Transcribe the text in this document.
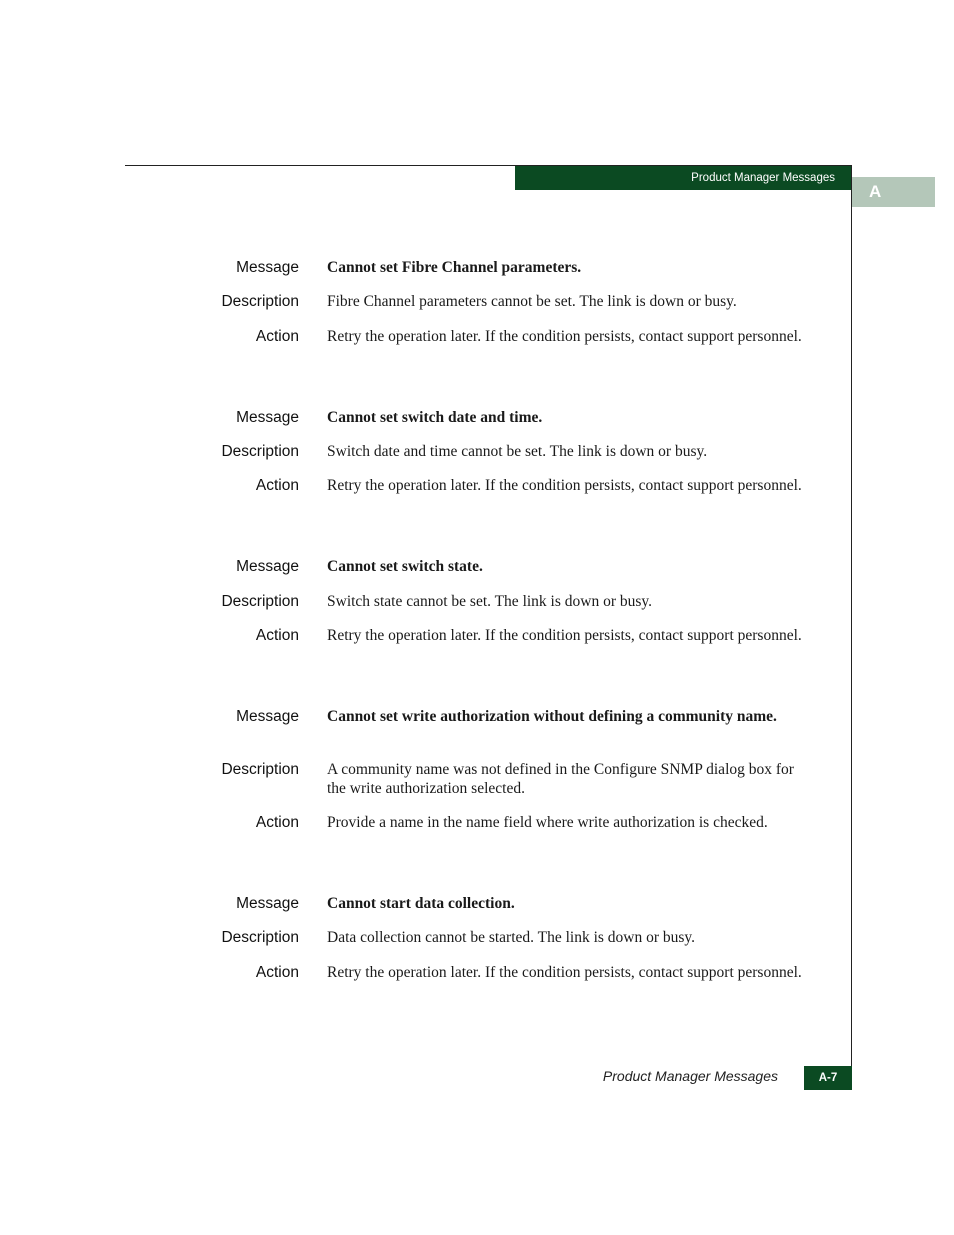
Product Manager Messages
A
Message Cannot set Fibre Channel parameters.
Description Fibre Channel parameters cannot be set. The link is down or busy.
Action Retry the operation later. If the condition persists, contact support personnel.
Message Cannot set switch date and time.
Description Switch date and time cannot be set. The link is down or busy.
Action Retry the operation later. If the condition persists, contact support personnel.
Message Cannot set switch state.
Description Switch state cannot be set. The link is down or busy.
Action Retry the operation later. If the condition persists, contact support personnel.
Message Cannot set write authorization without defining a community name.
Description A community name was not defined in the Configure SNMP dialog box for the write authorization selected.
Action Provide a name in the name field where write authorization is checked.
Message Cannot start data collection.
Description Data collection cannot be started. The link is down or busy.
Action Retry the operation later. If the condition persists, contact support personnel.
Product Manager Messages	A-7
